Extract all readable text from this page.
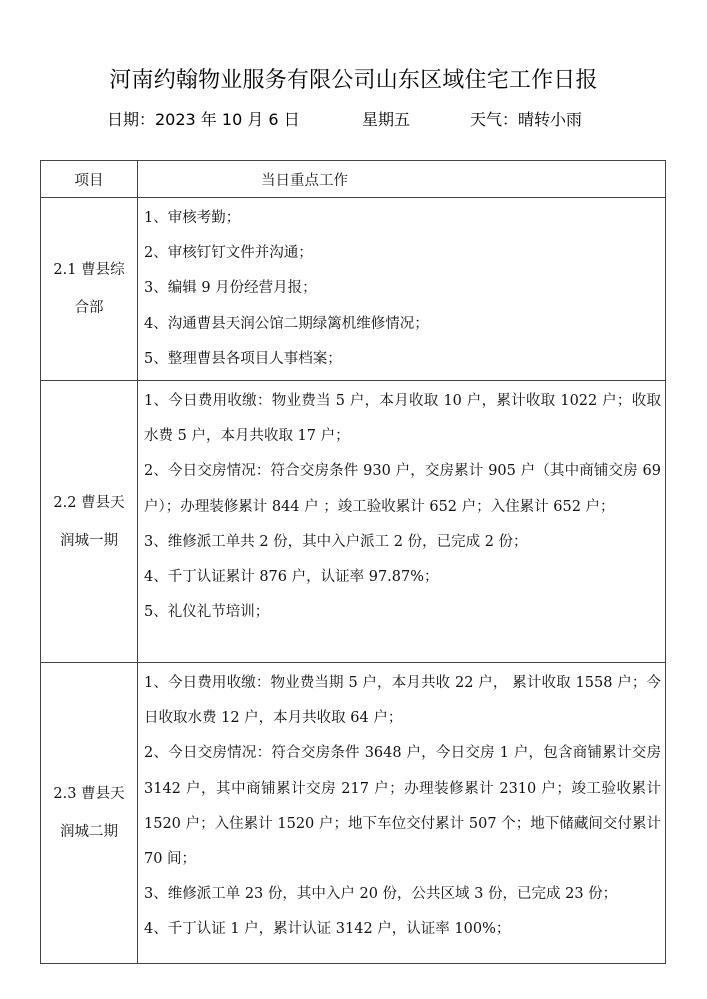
河南约翰物业服务有限公司山东区域住宅工作日报
日期：2023 年 10 月 6 日	星期五	天气：晴转小雨
项目	当日重点工作
2.1 曹县综合部	1、审核考勤；
2、审核钉钉文件并沟通；
3、编辑 9 月份经营月报；
4、沟通曹县天润公馆二期绿篱机维修情况；
5、整理曹县各项目人事档案；

2.2 曹县天润城一期	1、今日费用收缴：物业费当 5 户，本月收取 10 户，累计收取 1022 户；收取水费 5 户，本月共收取 17 户；
2、今日交房情况：符合交房条件 930 户，交房累计 905 户（其中商铺交房 69 户）；办理装修累计 844 户 ；竣工验收累计 652 户；入住累计 652 户；
3、维修派工单共 2 份，其中入户派工 2 份，已完成 2 份；
4、千丁认证累计 876 户，认证率 97.87%；
5、礼仪礼节培训；

2.3 曹县天润城二期	1、今日费用收缴：物业费当期 5 户，本月共收 22 户， 累计收取 1558 户；今日收取水费 12 户，本月共收取 64 户；
2、今日交房情况：符合交房条件 3648 户，今日交房 1 户，包含商铺累计交房 3142 户，其中商铺累计交房 217 户；办理装修累计 2310 户；竣工验收累计 1520 户；入住累计 1520 户；地下车位交付累计 507 个；地下储藏间交付累计 70 间；
3、维修派工单 23 份，其中入户 20 份，公共区域 3 份，已完成 23 份；
4、千丁认证 1 户，累计认证 3142 户，认证率 100%；
